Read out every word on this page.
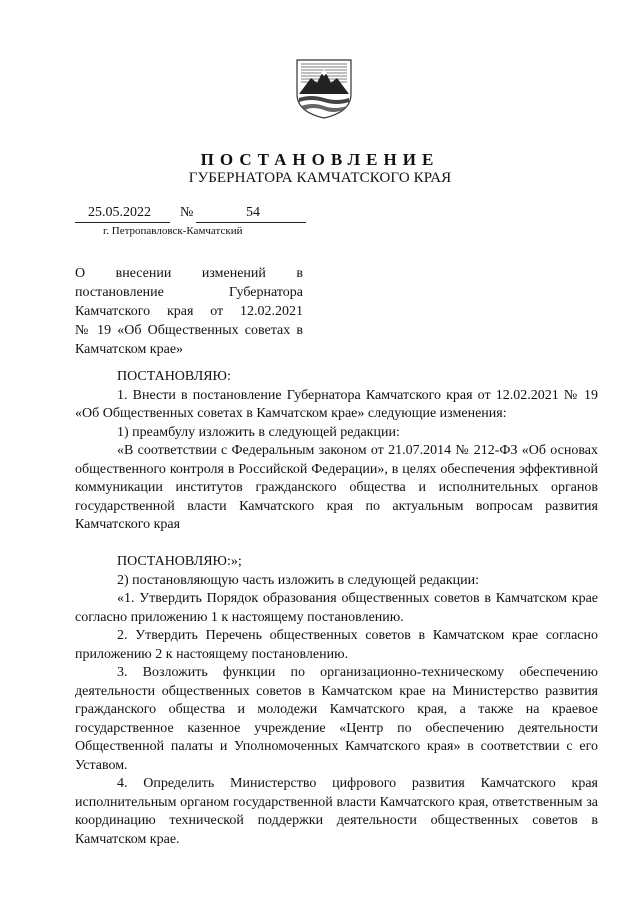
ПОСТАНОВЛЕНИЕ
ГУБЕРНАТОРА КАМЧАТСКОГО КРАЯ
25.05.2022 №	54
г. Петропавловск-Камчатский
О внесении изменений в
постановление Губернатора
Камчатского края от 12.02.2021
№ 19 «Об Общественных советах в
Камчатском крае»

ПОСТАНОВЛЯЮ:

1. Внести в постановление Губернатора Камчатского края от 12.02.2021 № 19 «Об Общественных советах в Камчатском крае» следующие изменения:

1) преамбулу изложить в следующей редакции:

«В соответствии с Федеральным законом от 21.07.2014 № 212-ФЗ «Об основах общественного контроля в Российской Федерации», в целях обеспечения эффективной коммуникации институтов гражданского общества и исполнительных органов государственной власти Камчатского края по актуальным вопросам развития Камчатского края

ПОСТАНОВЛЯЮ:»;

2) постановляющую часть изложить в следующей редакции:

«1. Утвердить Порядок образования общественных советов в Камчатском крае согласно приложению 1 к настоящему постановлению.

2. Утвердить Перечень общественных советов в Камчатском крае согласно приложению 2 к настоящему постановлению.

3. Возложить функции по организационно-техническому обеспечению деятельности общественных советов в Камчатском крае на Министерство развития гражданского общества и молодежи Камчатского края, а также на краевое государственное казенное учреждение «Центр по обеспечению деятельности Общественной палаты и Уполномоченных Камчатского края» в соответствии с его Уставом.

4. Определить Министерство цифрового развития Камчатского края исполнительным органом государственной власти Камчатского края, ответственным за координацию технической поддержки деятельности общественных советов в Камчатском крае.
